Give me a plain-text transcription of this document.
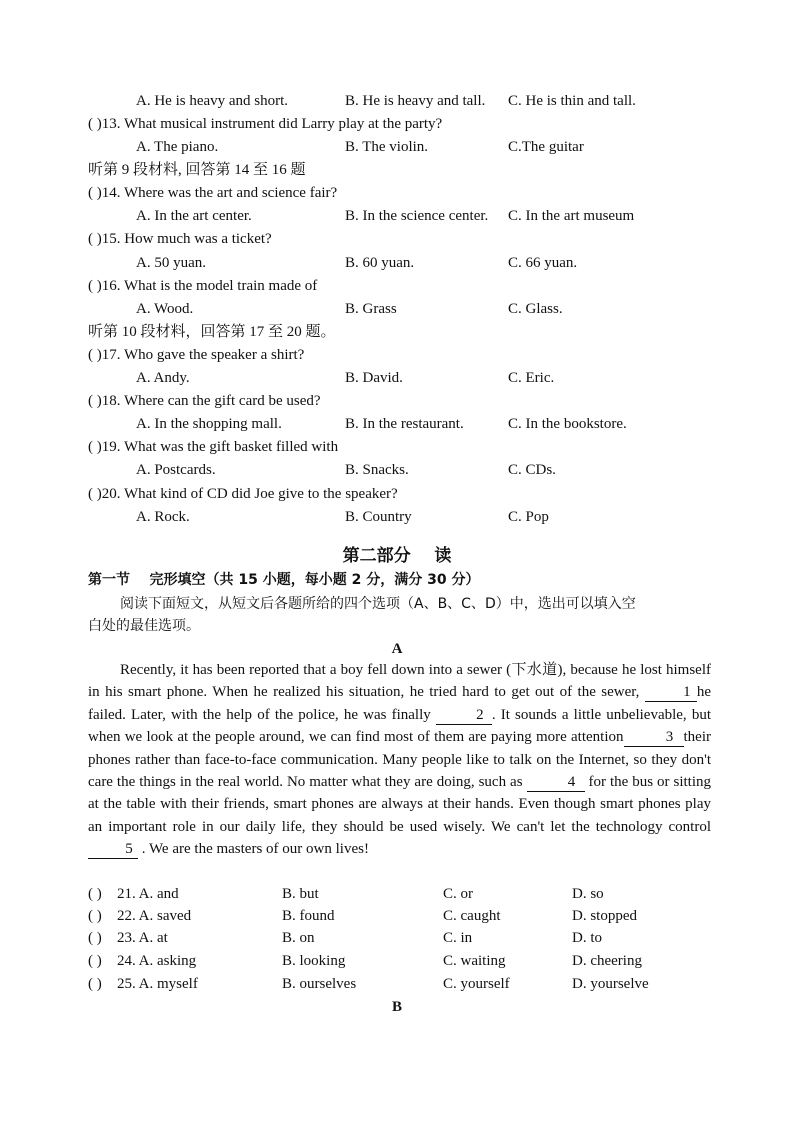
A. He is heavy and short.	B. He is heavy and tall. C. He is thin and tall.
( )13. What musical instrument did Larry play at the party?
A. The piano.	B. The violin.	C.The guitar
听第 9 段材料, 回答第 14 至 16 题
( )14. Where was the art and science fair?
A. In the art center.	B. In the science center. C. In the art museum
( )15. How much was a ticket?
A. 50 yuan.	B. 60 yuan.	C. 66 yuan.
( )16. What is the model train made of
A. Wood.	B. Grass	C. Glass.
听第 10 段材料，回答第 17 至 20 题。
( )17. Who gave the speaker a shirt?
A. Andy.	B. David.	C. Eric.
( )18. Where can the gift card be used?
A. In the shopping mall.	B. In the restaurant.	C. In the bookstore.
( )19. What was the gift basket filled with
A. Postcards.	B. Snacks.	C. CDs.
( )20. What kind of CD did Joe give to the speaker?
A. Rock.	B. Country	C. Pop
第二部分    读
第一节    完形填空（共 15 小题，每小题 2 分，满分 30 分）
阅读下面短文，从短文后各题所给的四个选项（A、B、C、D）中，选出可以填入空
白处的最佳选项。
A
Recently, it has been reported that a boy fell down into a sewer (下水道), because he lost himself in his smart phone. When he realized his situation, he tried hard to get out of the sewer,	1 he failed. Later, with the help of the police, he was finally	2 . It sounds a little unbelievable, but when we look at the people around, we can find most of them are paying more attention	3 their phones rather than face-to-face communication. Many people like to talk on the Internet, so they don't care the things in the real world. No matter what they are doing, such as	4 for the bus or sitting at the table with their friends, smart phones are always at their hands. Even though smart phones play an important role in our daily life, they should be used wisely. We can't let the technology control 5 . We are the masters of our own lives!
( ) 21. A. and	B. but	C. or	D. so
( ) 22. A. saved	B. found	C. caught	D. stopped
( ) 23. A. at	B. on	C. in	D. to
( ) 24. A. asking	B. looking	C. waiting	D. cheering
( ) 25. A. myself	B. ourselves	C. yourself	D. yourselve
B
